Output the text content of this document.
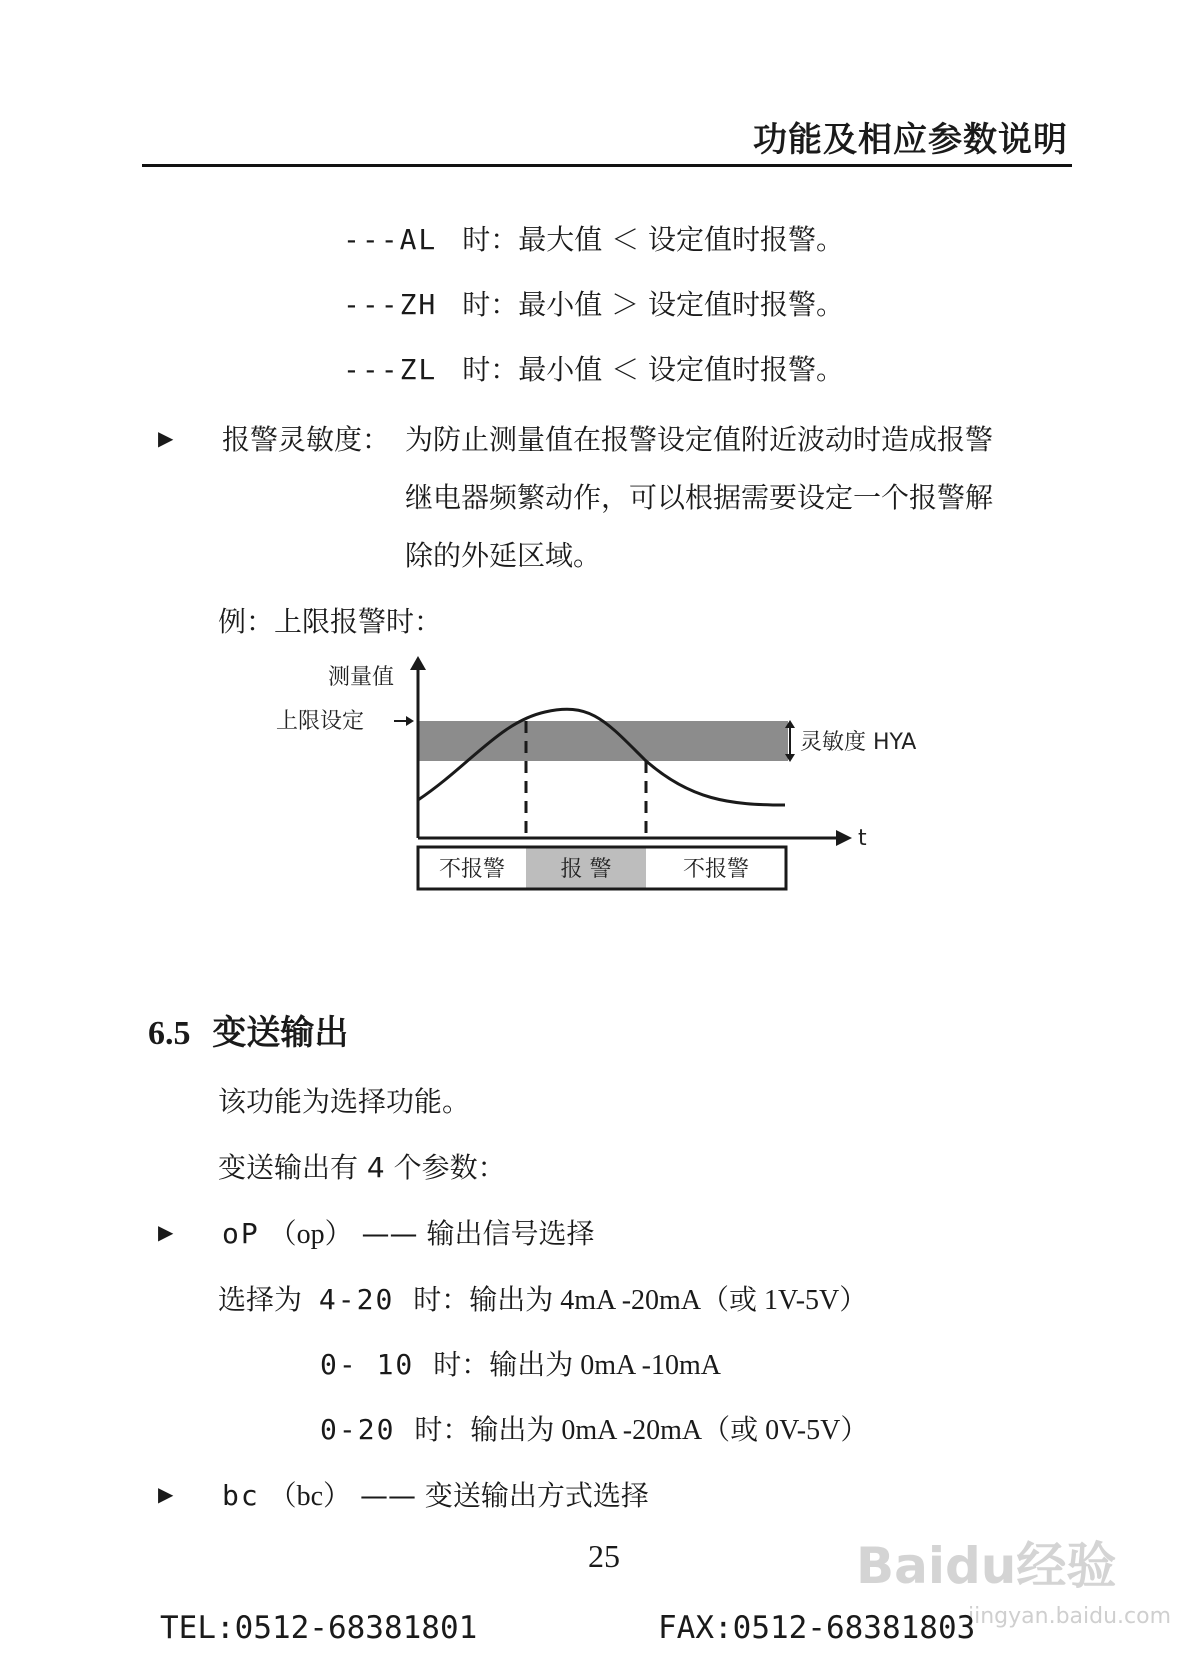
功能及相应参数说明
---AL 时：最大值 ＜ 设定值时报警。
---ZH 时：最小值 ＞ 设定值时报警。
---ZL 时：最小值 ＜ 设定值时报警。
▶ 报警灵敏度： 为防止测量值在报警设定值附近波动时造成报警
继电器频繁动作，可以根据需要设定一个报警解
除的外延区域。
例：上限报警时：
测量值
上限设定
灵敏度 HYA
t
不报警	报 警	不报警
6.5 变送输出
该功能为选择功能。
变送输出有 4 个参数：
▶ oP （op） —— 输出信号选择
选择为 4-20 时：输出为 4mA -20mA（或 1V-5V）
0- 10 时：输出为 0mA -10mA
0-20 时：输出为 0mA -20mA（或 0V-5V）
▶ bc （bc） —— 变送输出方式选择
25	Baidu经验
jingyan.baidu.com
TEL:0512-68381801	FAX:0512-68381803
